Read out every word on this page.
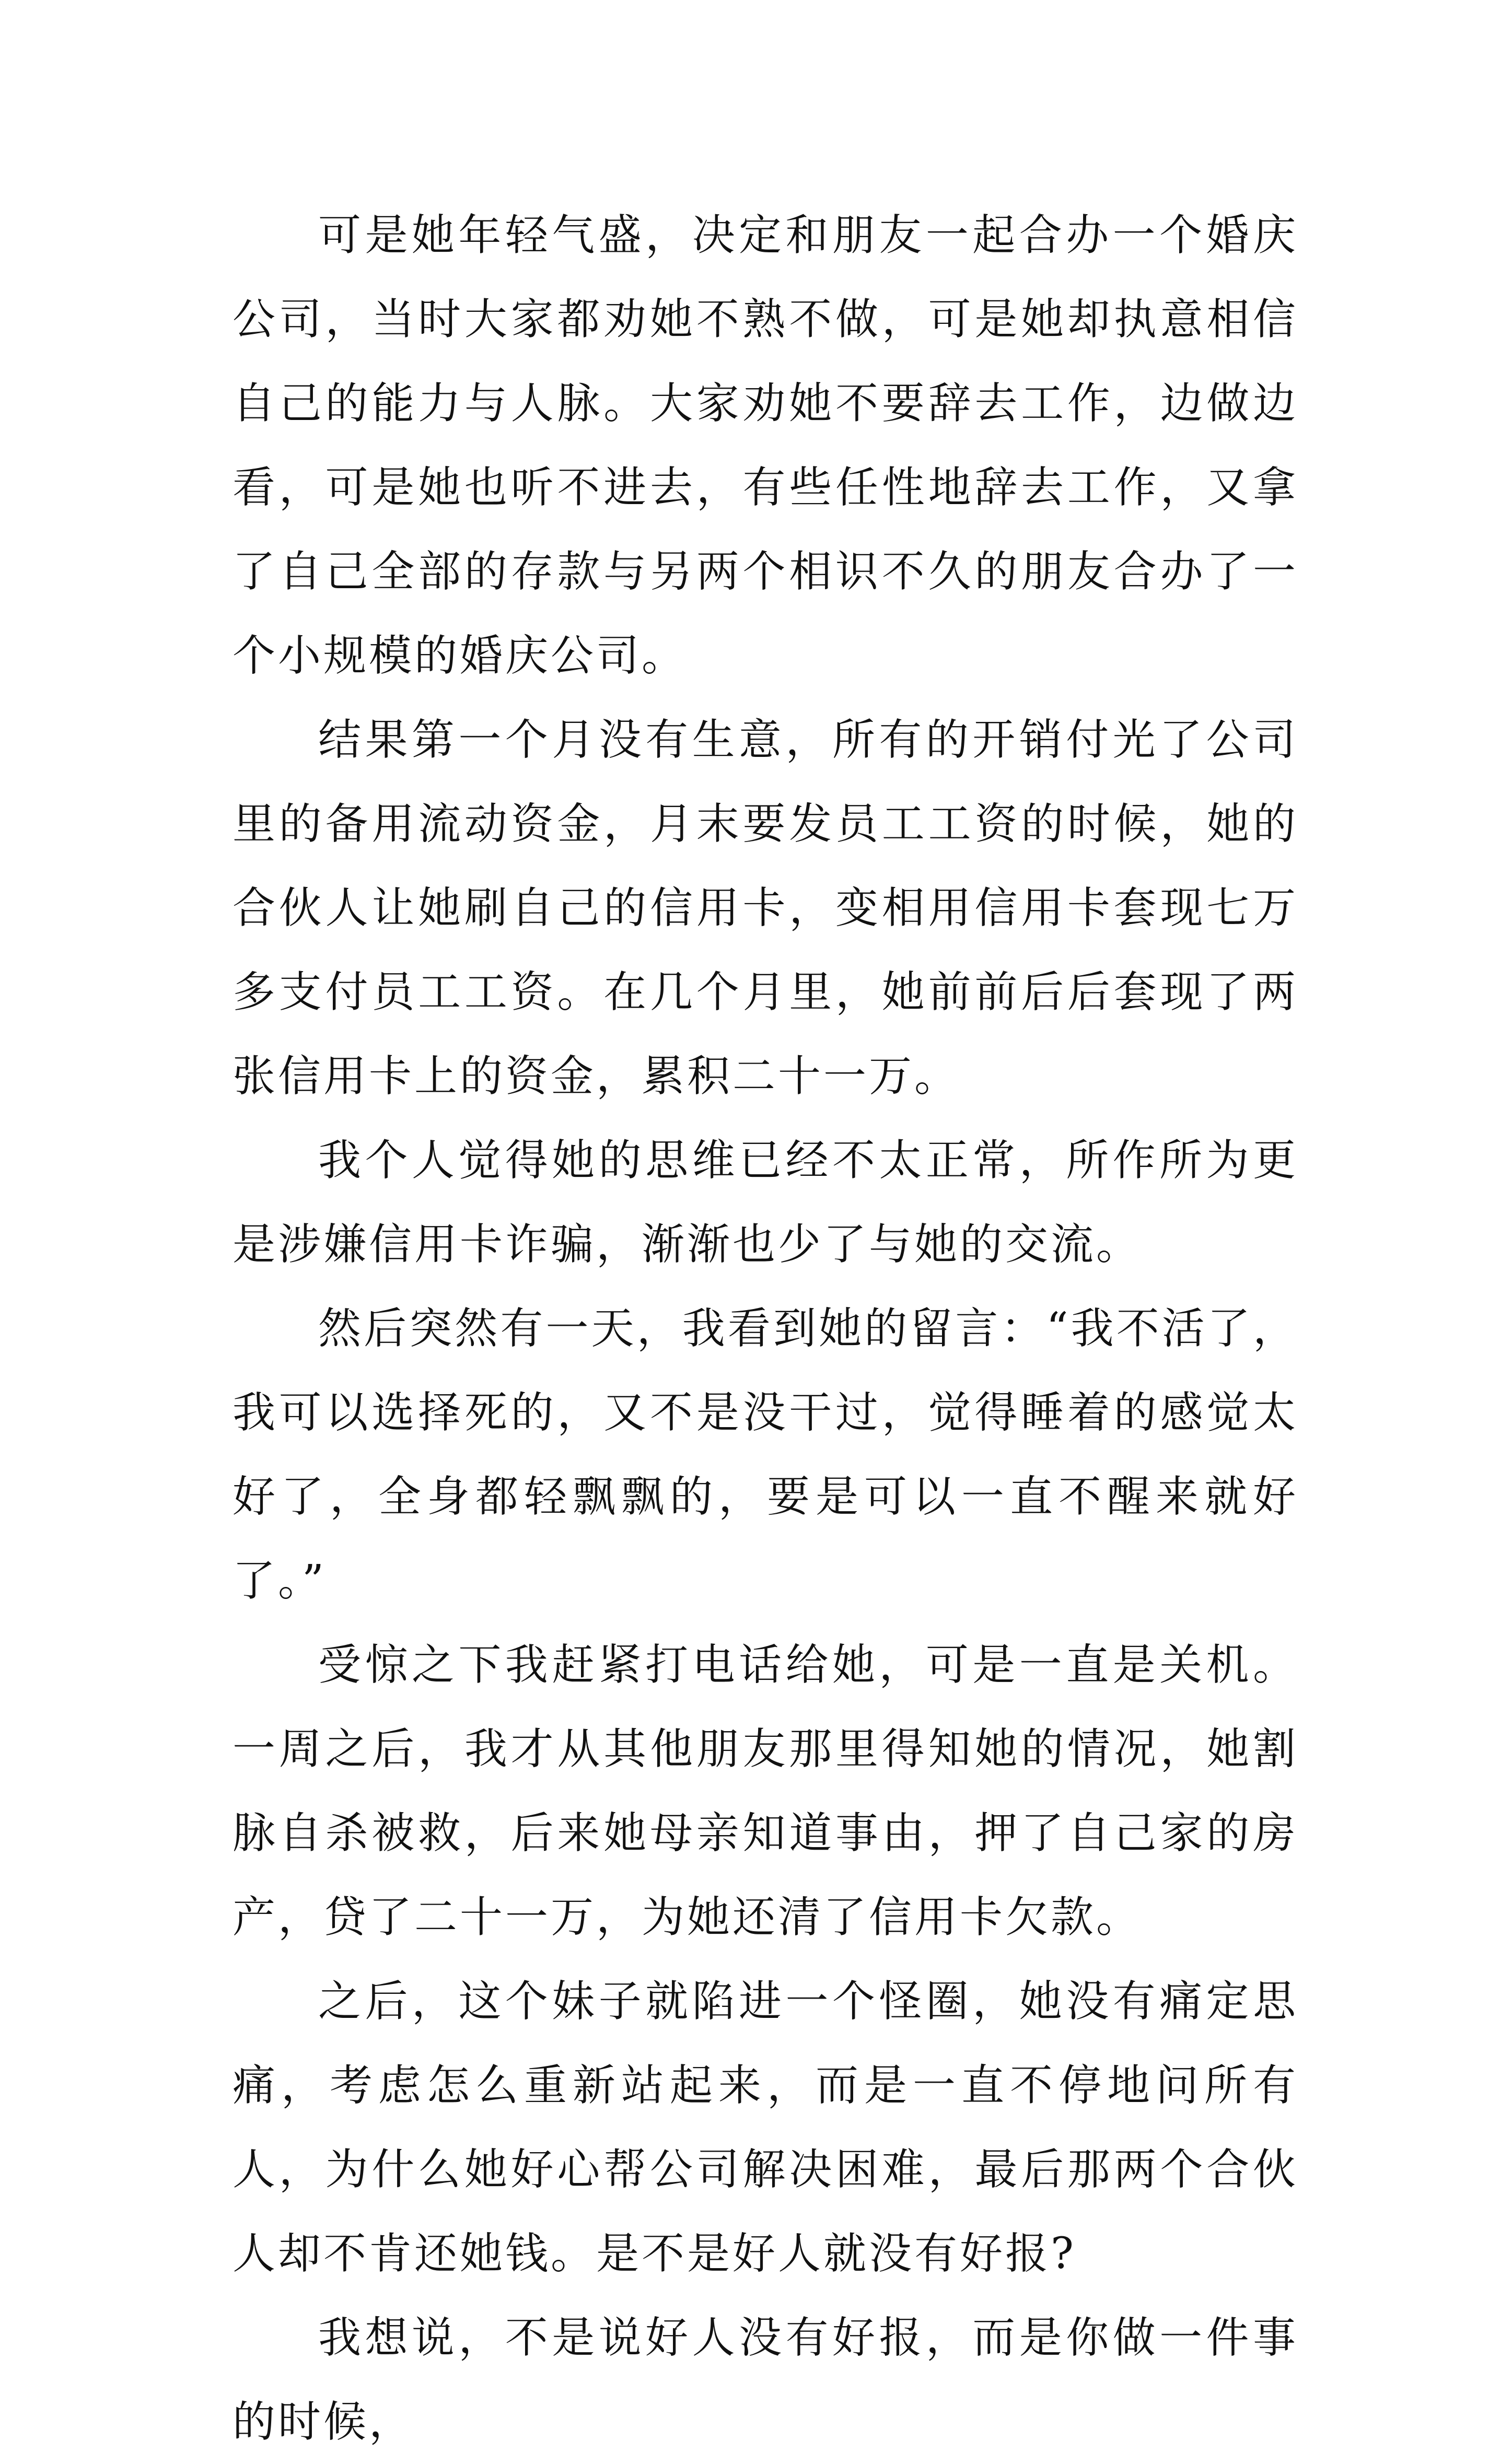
可是她年轻气盛，决定和朋友一起合办一个婚庆公司，当时大家都劝她不熟不做，可是她却执意相信自己的能力与人脉。大家劝她不要辞去工作，边做边看，可是她也听不进去，有些任性地辞去工作，又拿了自己全部的存款与另两个相识不久的朋友合办了一个小规模的婚庆公司。

结果第一个月没有生意，所有的开销付光了公司里的备用流动资金，月末要发员工工资的时候，她的合伙人让她刷自己的信用卡，变相用信用卡套现七万多支付员工工资。在几个月里，她前前后后套现了两张信用卡上的资金，累积二十一万。

我个人觉得她的思维已经不太正常，所作所为更是涉嫌信用卡诈骗，渐渐也少了与她的交流。

然后突然有一天，我看到她的留言：“我不活了，我可以选择死的，又不是没干过，觉得睡着的感觉太好了，全身都轻飘飘的，要是可以一直不醒来就好了。”

受惊之下我赶紧打电话给她，可是一直是关机。一周之后，我才从其他朋友那里得知她的情况，她割脉自杀被救，后来她母亲知道事由，押了自己家的房产，贷了二十一万，为她还清了信用卡欠款。

之后，这个妹子就陷进一个怪圈，她没有痛定思痛，考虑怎么重新站起来，而是一直不停地问所有人，为什么她好心帮公司解决困难，最后那两个合伙人却不肯还她钱。是不是好人就没有好报?

我想说，不是说好人没有好报，而是你做一件事的时候，
